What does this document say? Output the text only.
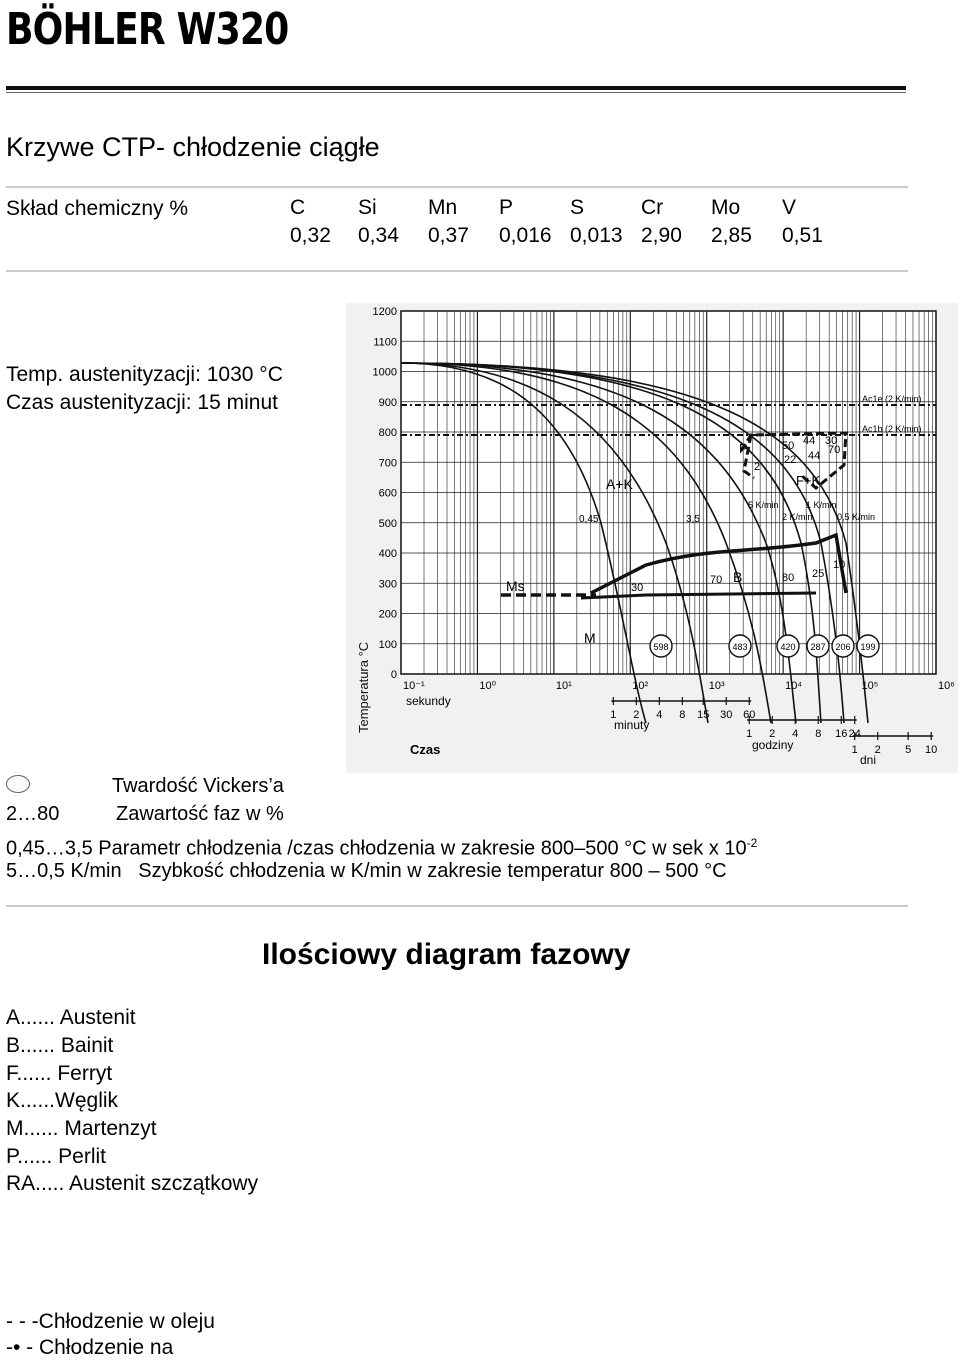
BÖHLER W320
Krzywe CTP- chłodzenie ciągłe
Skład chemiczny %	C	Si Mn P	S	Cr Mo V
0,32 0,34 0,37 0,016 0,013 2,90 2,85 0,51
Temp. austenityzacji: 1030 °C
Czas austenityzacji: 15 minut
1200
1100
1000
900
800
700
600
500
400
300
200
100
0
10⁻¹	10⁰	10¹	10²	10³	10⁴	10⁵	10⁶
Temperatura °C
Ac1e (2 K/min)
Ac1b (2 K/min)
A+K	F+K
P
B
Ms
M
0,45	3,5
5 K/min	1 K/min
2 K/min	0,5 K/min
2
50 44 30
22 44 70
30
70	80 25
10
598	483	420 287 206 199
sekundy
minuty
godziny
dni
Czas
1 2 4 8 15 30 60
1 2 4 8 16 24
1 2 5 10
Twardość Vickers’a
2…80	Zawartość faz w %
0,45…3,5 Parametr chłodzenia /czas chłodzenia w zakresie 800–500 °C w sek x $10^{-2}$
5…0,5 K/min Szybkość chłodzenia w K/min w zakresie temperatur 800 – 500 °C
Ilościowy diagram fazowy
A...... Austenit
B...... Bainit
F...... Ferryt
K......Węglik
M...... Martenzyt
P...... Perlit
RA..... Austenit szczątkowy
- - -Chłodzenie w oleju
-• - Chłodzenie na
